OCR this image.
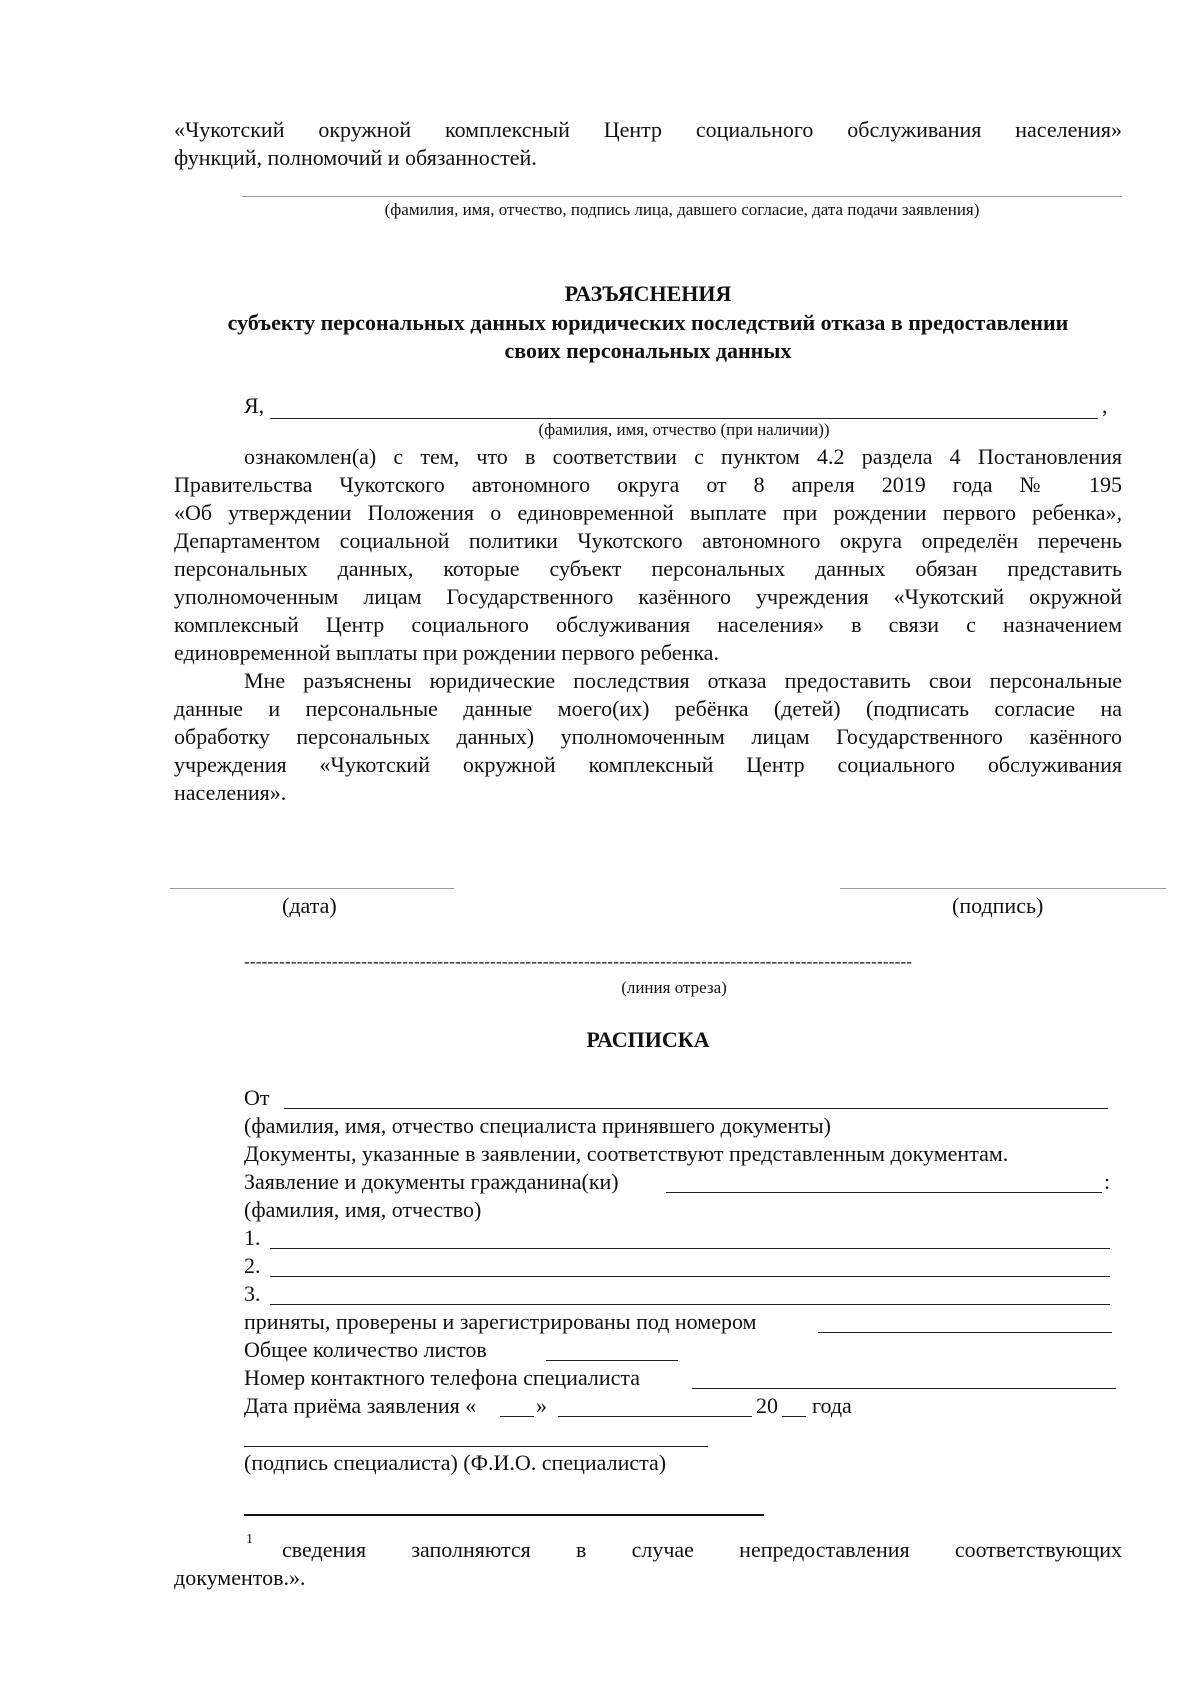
«Чукотский окружной комплексный Центр социального обслуживания населения»
функций, полномочий и обязанностей.
(фамилия, имя, отчество, подпись лица, давшего согласие, дата подачи заявления)
РАЗЪЯСНЕНИЯ
субъекту персональных данных юридических последствий отказа в предоставлении
своих персональных данных
Я,	,
(фамилия, имя, отчество (при наличии))
ознакомлен(а) с тем, что в соответствии с пунктом 4.2 раздела 4 Постановления
Правительства Чукотского автономного округа от 8 апреля 2019 года № 195
«Об утверждении Положения о единовременной выплате при рождении первого ребенка»,
Департаментом социальной политики Чукотского автономного округа определён перечень
персональных данных, которые субъект персональных данных обязан представить
уполномоченным лицам Государственного казённого учреждения «Чукотский окружной
комплексный Центр социального обслуживания населения» в связи с назначением
единовременной выплаты при рождении первого ребенка.
Мне разъяснены юридические последствия отказа предоставить свои персональные
данные и персональные данные моего(их) ребёнка (детей) (подписать согласие на
обработку персональных данных) уполномоченным лицам Государственного казённого
учреждения «Чукотский окружной комплексный Центр социального обслуживания
населения».
(дата)	(подпись)
------------------------------------------------------------------------------------------------------------------
(линия отреза)
РАСПИСКА
От
(фамилия, имя, отчество специалиста принявшего документы)
Документы, указанные в заявлении, соответствуют представленным документам.
Заявление и документы гражданина(ки)	:
(фамилия, имя, отчество)
1.
2.
3.
приняты, проверены и зарегистрированы под номером
Общее количество листов
Номер контактного телефона специалиста
Дата приёма заявления «	»	20 года
(подпись специалиста) (Ф.И.О. специалиста)
1 сведения заполняются в случае непредоставления соответствующих
документов.».
